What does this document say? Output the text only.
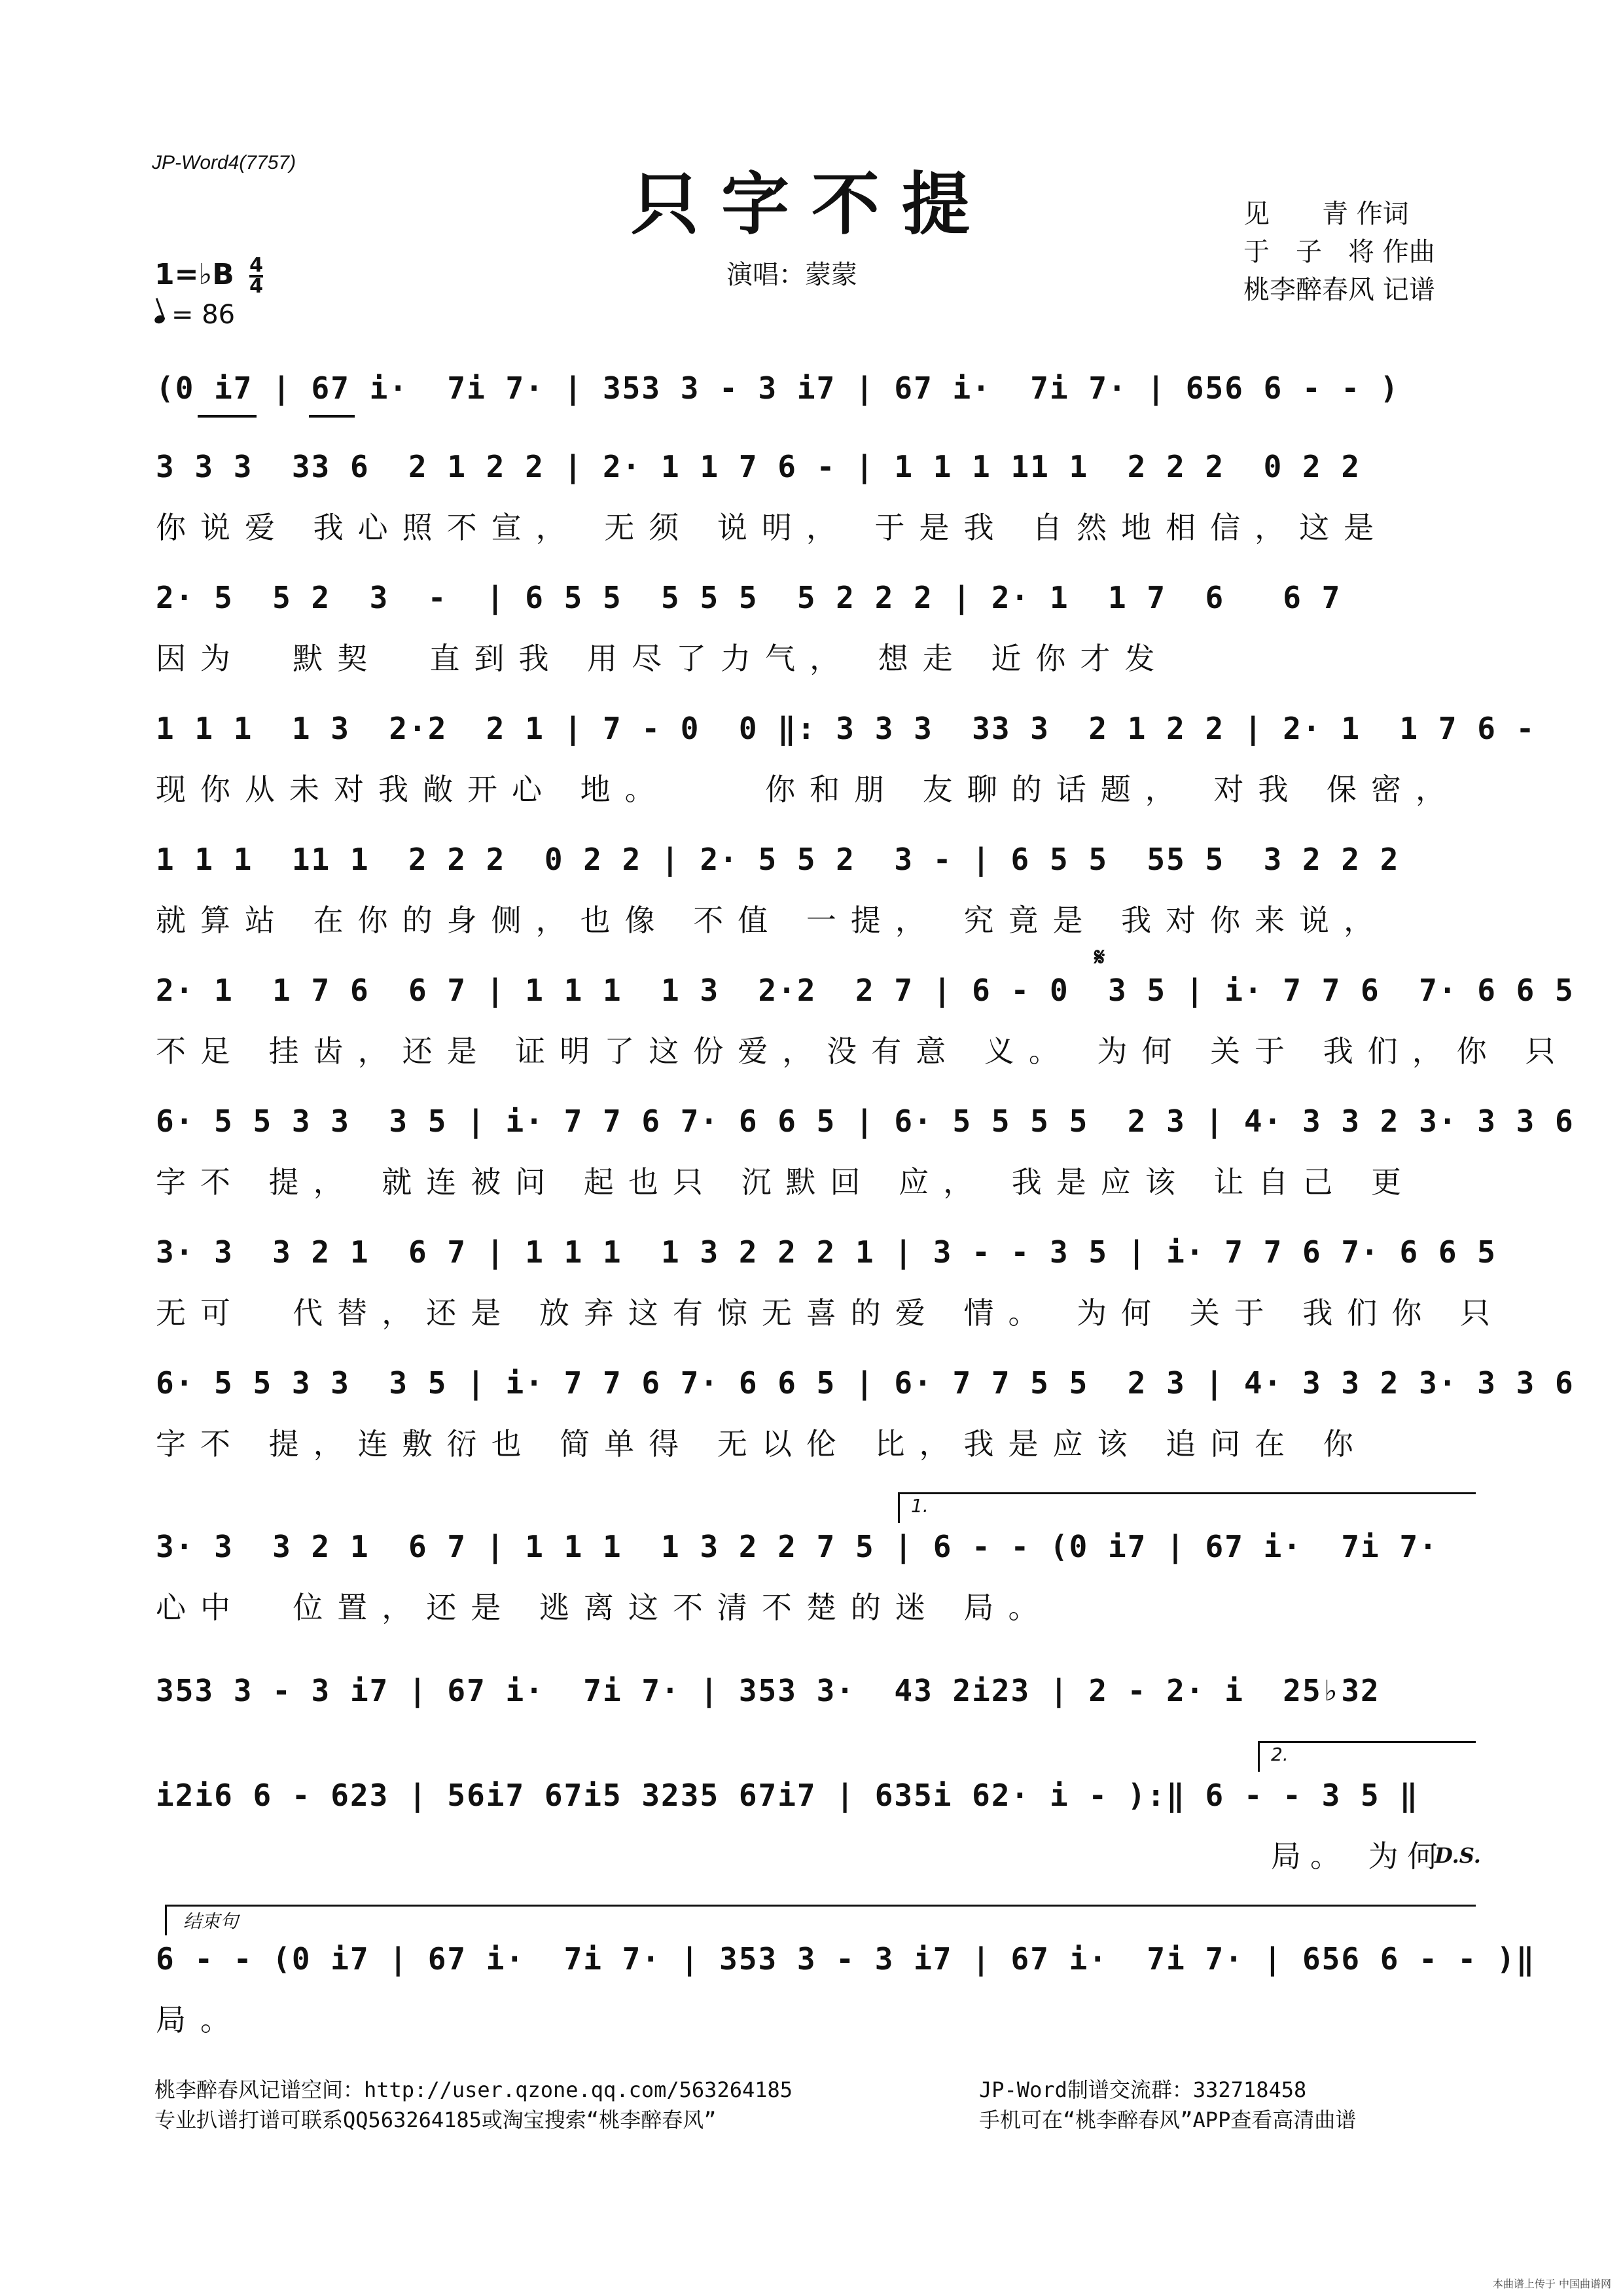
JP-Word4(7757)
只字不提
演唱：蒙蒙
见　　青 作词
于　子　将 作曲
桃李醉春风 记谱
1=♭B $\frac{4}{4}$
= 86
(0 i7 | 67 i·  7i 7· | 353 3 - 3 i7 | 67 i·  7i 7· | 656 6 - - )
3 3 3  33 6  2 1 2 2 | 2· 1 1 7 6 - | 1 1 1 11 1  2 2 2  0 2 2
你说爱 我心照不宣， 无须 说明， 于是我 自然地相信，这是
2· 5  5 2  3  -  | 6 5 5  5 5 5  5 2 2 2 | 2· 1  1 7  6   6 7
因为  默契  直到我 用尽了力气， 想走 近你才发
1 1 1  1 3  2·2  2 1 | 7 - 0  0 ‖: 3 3 3  33 3  2 1 2 2 | 2· 1  1 7 6 -
现你从未对我敞开心 地。    你和朋 友聊的话题， 对我 保密，
1 1 1  11 1  2 2 2  0 2 2 | 2· 5 5 2  3 - | 6 5 5  55 5  3 2 2 2
就算站 在你的身侧，也像 不值 一提， 究竟是 我对你来说，
𝄋
2· 1  1 7 6  6 7 | 1 1 1  1 3  2·2  2 7 | 6 - 0  3 5 | i· 7 7 6  7· 6 6 5
不足 挂齿，还是 证明了这份爱，没有意 义。 为何 关于 我们，你 只
6· 5 5 3 3  3 5 | i· 7 7 6 7· 6 6 5 | 6· 5 5 5 5  2 3 | 4· 3 3 2 3· 3 3 6
字不 提， 就连被问 起也只 沉默回 应， 我是应该 让自己 更
3· 3  3 2 1  6 7 | 1 1 1  1 3 2 2 2 1 | 3 - - 3 5 | i· 7 7 6 7· 6 6 5
无可  代替，还是 放弃这有惊无喜的爱 情。 为何 关于 我们你 只
6· 5 5 3 3  3 5 | i· 7 7 6 7· 6 6 5 | 6· 7 7 5 5  2 3 | 4· 3 3 2 3· 3 3 6
字不 提，连敷衍也 简单得 无以伦 比，我是应该 追问在 你
1.
3· 3  3 2 1  6 7 | 1 1 1  1 3 2 2 7 5 | 6 - - (0 i7 | 67 i·  7i 7·
心中  位置，还是 逃离这不清不楚的迷 局。
353 3 - 3 i7 | 67 i·  7i 7· | 353 3·  43 2i23 | 2 - 2· i  25♭32
2.
i2i6 6 - 623 | 56i7 67i5 3235 67i7 | 635i 62· i - ):‖ 6 - - 3 5 ‖
局。 为何
D.S.
结束句
6 - - (0 i7 | 67 i·  7i 7· | 353 3 - 3 i7 | 67 i·  7i 7· | 656 6 - - )‖
局。
桃李醉春风记谱空间：http://user.qzone.qq.com/563264185
专业扒谱打谱可联系QQ563264185或淘宝搜索“桃李醉春风”
JP-Word制谱交流群：332718458
手机可在“桃李醉春风”APP查看高清曲谱
本曲谱上传于 中国曲谱网
